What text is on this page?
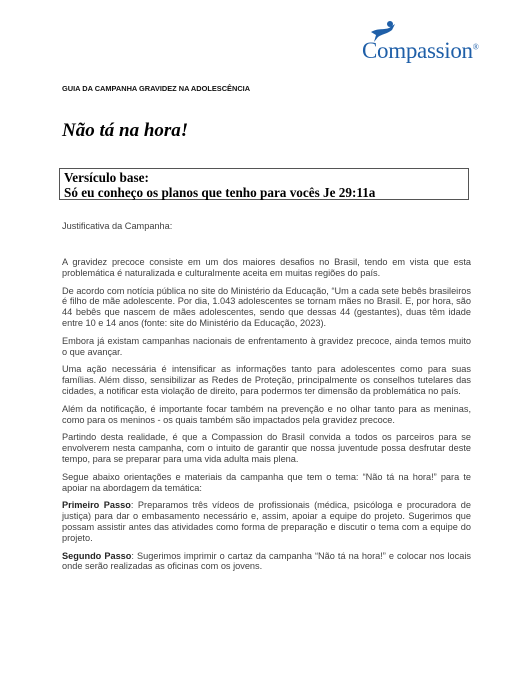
Compassion®
GUIA DA CAMPANHA GRAVIDEZ NA ADOLESCÊNCIA
Não tá na hora!
Versículo base:
Só eu conheço os planos que tenho para vocês Je 29:11a
Justificativa da Campanha:

A gravidez precoce consiste em um dos maiores desafios no Brasil, tendo em vista que esta problemática é naturalizada e culturalmente aceita em muitas regiões do país.

De acordo com notícia pública no site do Ministério da Educação, “Um a cada sete bebês brasileiros é filho de mãe adolescente. Por dia, 1.043 adolescentes se tornam mães no Brasil. E, por hora, são 44 bebês que nascem de mães adolescentes, sendo que dessas 44 (gestantes), duas têm idade entre 10 e 14 anos (fonte: site do Ministério da Educação, 2023).

Embora já existam campanhas nacionais de enfrentamento à gravidez precoce, ainda temos muito o que avançar.

Uma ação necessária é intensificar as informações tanto para adolescentes como para suas famílias. Além disso, sensibilizar as Redes de Proteção, principalmente os conselhos tutelares das cidades, a notificar esta violação de direito, para podermos ter dimensão da problemática no país.

Além da notificação, é importante focar também na prevenção e no olhar tanto para as meninas, como para os meninos - os quais também são impactados pela gravidez precoce.

Partindo desta realidade, é que a Compassion do Brasil convida a todos os parceiros para se envolverem nesta campanha, com o intuito de garantir que nossa juventude possa desfrutar deste tempo, para se preparar para uma vida adulta mais plena.

Segue abaixo orientações e materiais da campanha que tem o tema: “Não tá na hora!” para te apoiar na abordagem da temática:

Primeiro Passo: Preparamos três vídeos de profissionais (médica, psicóloga e procuradora de justiça) para dar o embasamento necessário e, assim, apoiar a equipe do projeto. Sugerimos que possam assistir antes das atividades como forma de preparação e discutir o tema com a equipe do projeto.

Segundo Passo: Sugerimos imprimir o cartaz da campanha “Não tá na hora!” e colocar nos locais onde serão realizadas as oficinas com os jovens.
